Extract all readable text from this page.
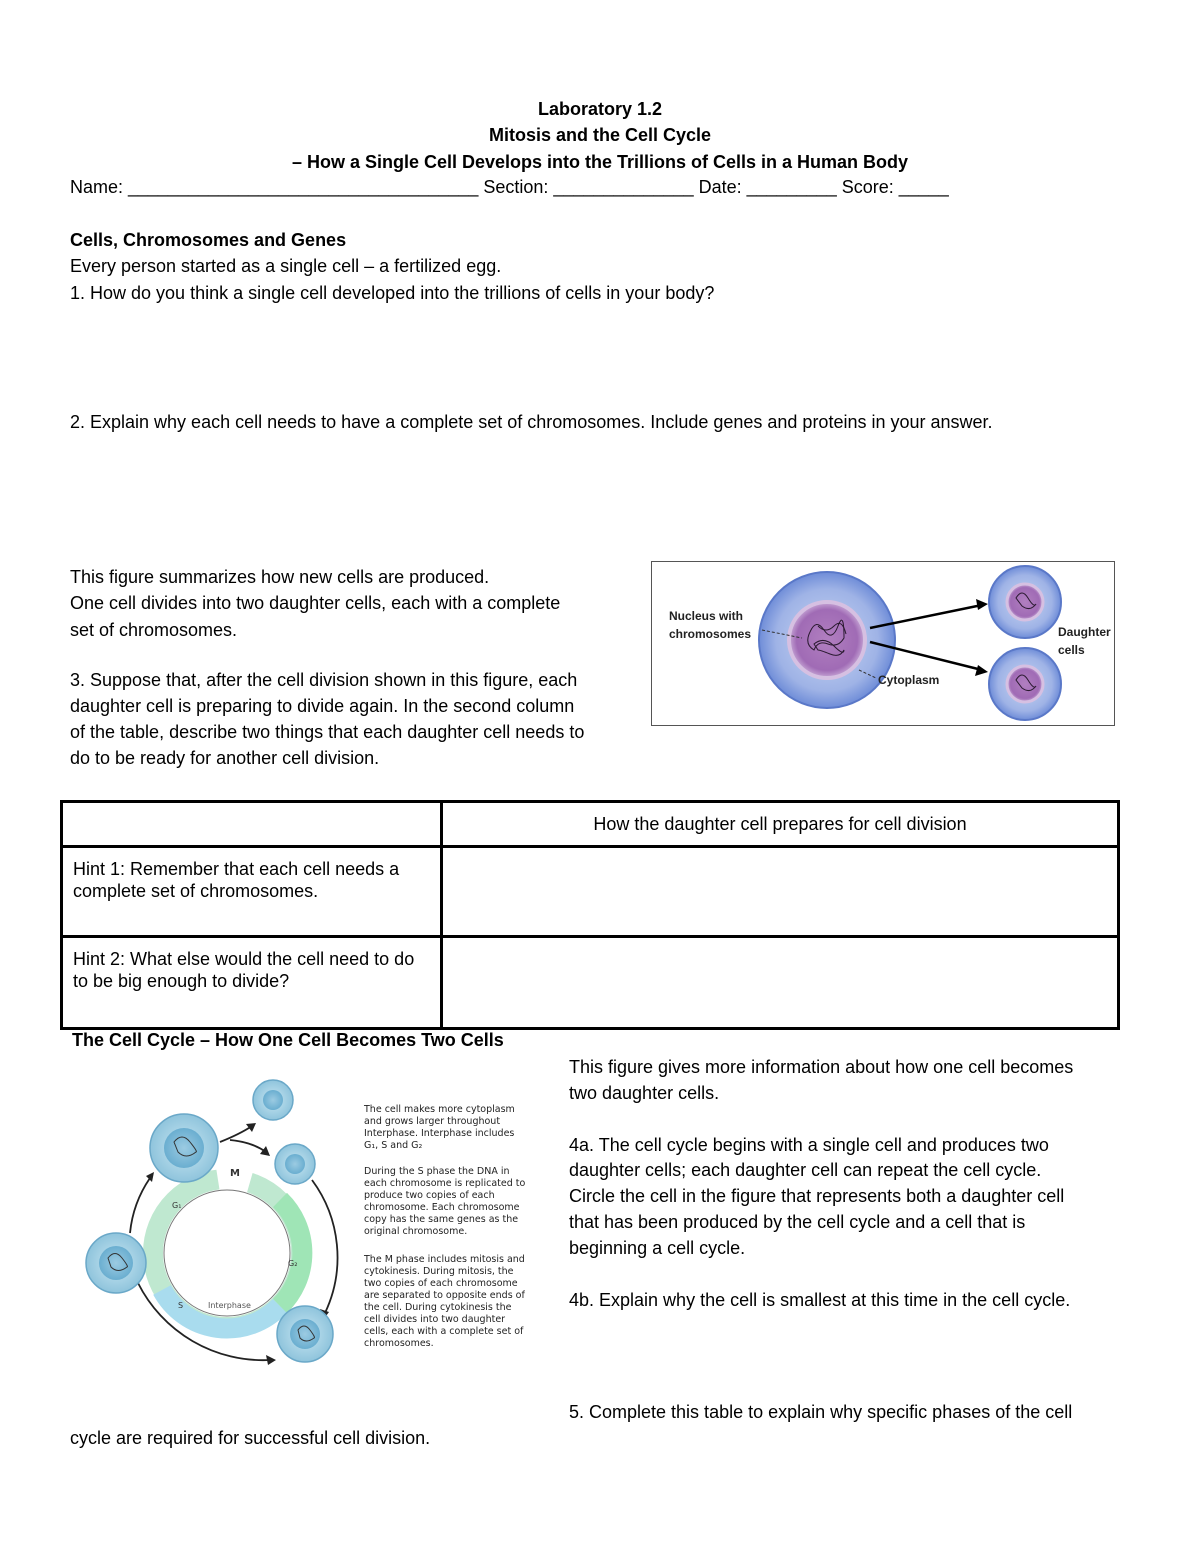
Laboratory 1.2
Mitosis and the Cell Cycle
– How a Single Cell Develops into the Trillions of Cells in a Human Body
Name: ___________________________________ Section: ______________ Date: _________ Score: _____
Cells, Chromosomes and Genes
Every person started as a single cell – a fertilized egg.
1. How do you think a single cell developed into the trillions of cells in your body?
2. Explain why each cell needs to have a complete set of chromosomes. Include genes and proteins in your answer.
This figure summarizes how new cells are produced.
One cell divides into two daughter cells, each with a complete
set of chromosomes.
3. Suppose that, after the cell division shown in this figure, each
daughter cell is preparing to divide again. In the second column
of the table, describe two things that each daughter cell needs to
do to be ready for another cell division.
Nucleus with
chromosomes
Cytoplasm
Daughter
cells
	How the daughter cell prepares for cell division
Hint 1: Remember that each cell needs a complete set of chromosomes.	
Hint 2: What else would the cell need to do to be big enough to divide?	
The Cell Cycle – How One Cell Becomes Two Cells
This figure gives more information about how one cell becomes
two daughter cells.
4a. The cell cycle begins with a single cell and produces two
daughter cells; each daughter cell can repeat the cell cycle.
Circle the cell in the figure that represents both a daughter cell
that has been produced by the cell cycle and a cell that is
beginning a cell cycle.
4b. Explain why the cell is smallest at this time in the cell cycle.
5. Complete this table to explain why specific phases of the cell
cycle are required for successful cell division.
M
G₁
G₂
S	Interphase
The cell makes more cytoplasm and grows larger throughout Interphase. Interphase includes G₁, S and G₂
During the S phase the DNA in each chromosome is replicated to produce two copies of each chromosome. Each chromosome copy has the same genes as the original chromosome.
The M phase includes mitosis and cytokinesis. During mitosis, the two copies of each chromosome are separated to opposite ends of the cell. During cytokinesis the cell divides into two daughter cells, each with a complete set of chromosomes.
